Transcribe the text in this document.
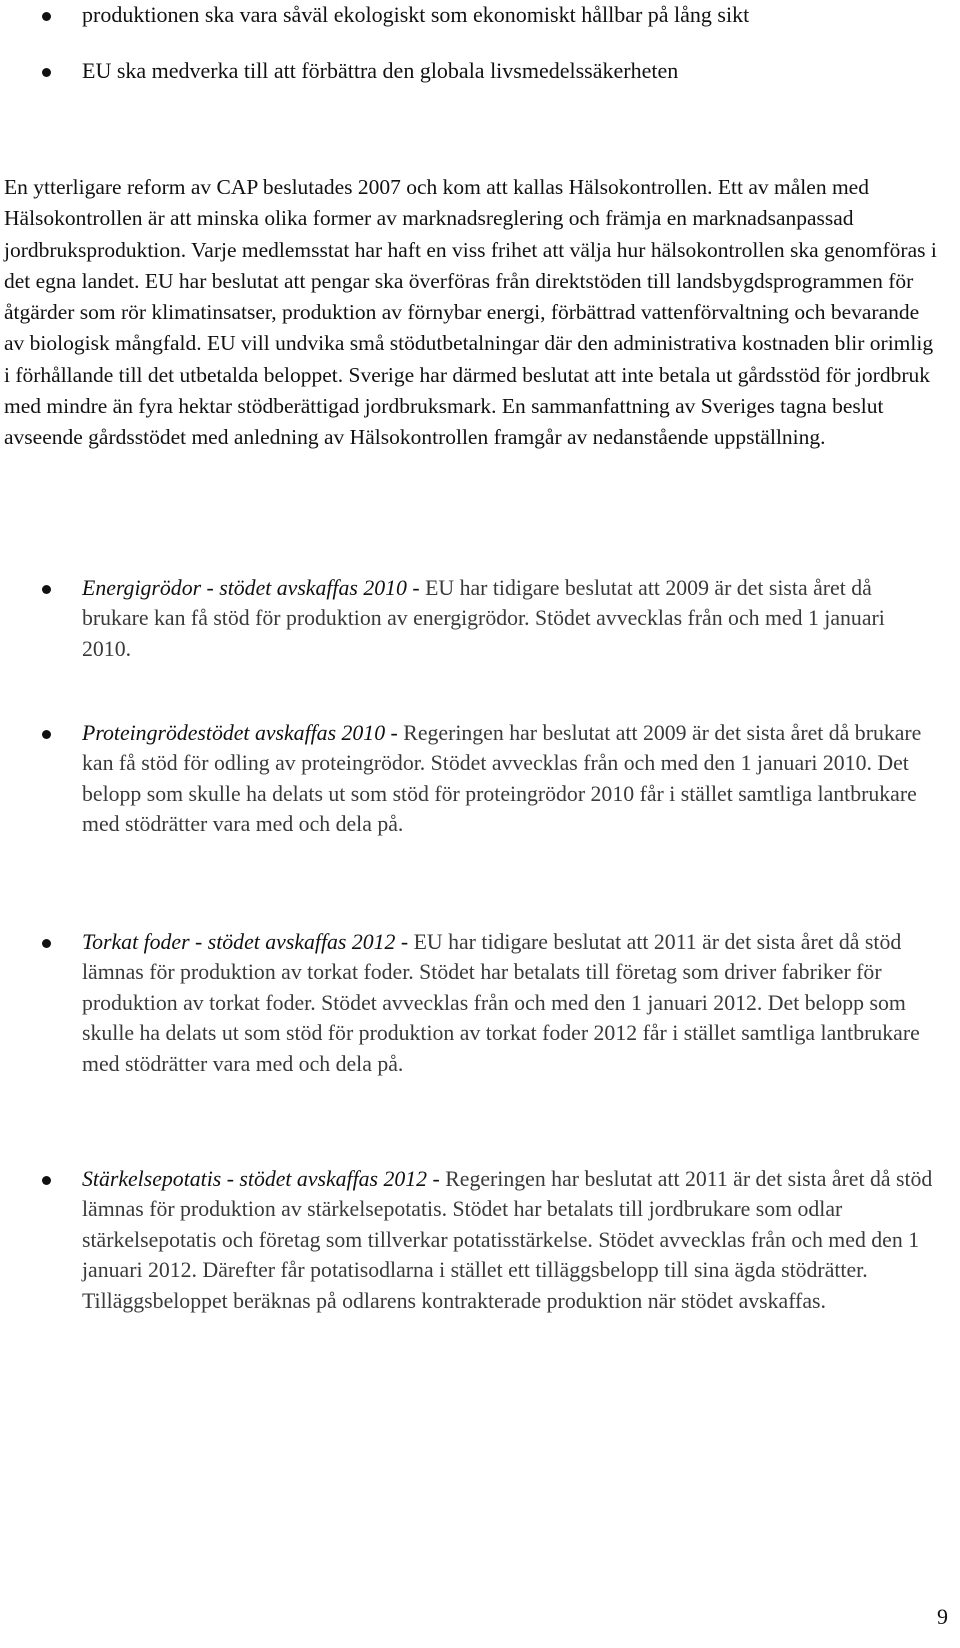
produktionen ska vara såväl ekologiskt som ekonomiskt hållbar på lång sikt
EU ska medverka till att förbättra den globala livsmedelssäkerheten

En ytterligare reform av CAP beslutades 2007 och kom att kallas Hälsokontrollen. Ett av målen med Hälsokontrollen är att minska olika former av marknadsreglering och främja en marknadsanpassad jordbruksproduktion. Varje medlemsstat har haft en viss frihet att välja hur hälsokontrollen ska genomföras i det egna landet. EU har beslutat att pengar ska överföras från direktstöden till landsbygdsprogrammen för åtgärder som rör klimatinsatser, produktion av förnybar energi, förbättrad vattenförvaltning och bevarande av biologisk mångfald. EU vill undvika små stödutbetalningar där den administrativa kostnaden blir orimlig i förhållande till det utbetalda beloppet. Sverige har därmed beslutat att inte betala ut gårdsstöd för jordbruk med mindre än fyra hektar stödberättigad jordbruksmark. En sammanfattning av Sveriges tagna beslut avseende gårdsstödet med anledning av Hälsokontrollen framgår av nedanstående uppställning.

Energigrödor - stödet avskaffas 2010 - EU har tidigare beslutat att 2009 är det sista året då brukare kan få stöd för produktion av energigrödor. Stödet avvecklas från och med 1 januari 2010.

Proteingrödestödet avskaffas 2010 - Regeringen har beslutat att 2009 är det sista året då brukare kan få stöd för odling av proteingrödor. Stödet avvecklas från och med den 1 januari 2010. Det belopp som skulle ha delats ut som stöd för proteingrödor 2010 får i stället samtliga lantbrukare med stödrätter vara med och dela på.

Torkat foder - stödet avskaffas 2012 - EU har tidigare beslutat att 2011 är det sista året då stöd lämnas för produktion av torkat foder. Stödet har betalats till företag som driver fabriker för produktion av torkat foder. Stödet avvecklas från och med den 1 januari 2012. Det belopp som skulle ha delats ut som stöd för produktion av torkat foder 2012 får i stället samtliga lantbrukare med stödrätter vara med och dela på.

Stärkelsepotatis - stödet avskaffas 2012 - Regeringen har beslutat att 2011 är det sista året då stöd lämnas för produktion av stärkelsepotatis. Stödet har betalats till jordbrukare som odlar stärkelsepotatis och företag som tillverkar potatisstärkelse. Stödet avvecklas från och med den 1 januari 2012. Därefter får potatisodlarna i stället ett tilläggsbelopp till sina ägda stödrätter.
Tilläggsbeloppet beräknas på odlarens kontrakterade produktion när stödet avskaffas.

9
